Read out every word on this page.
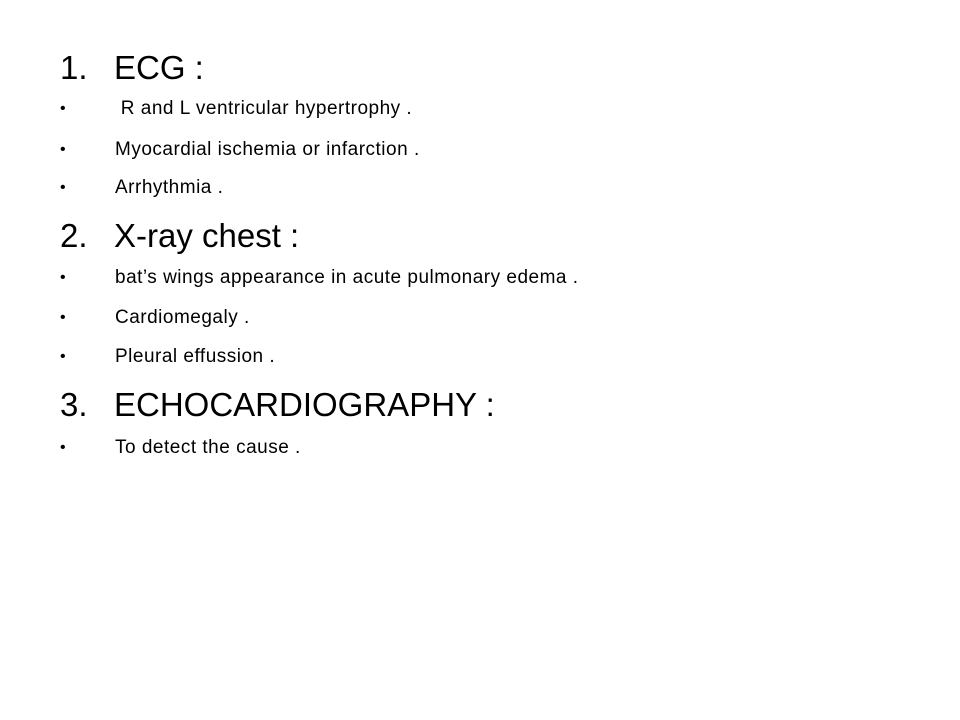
1. ECG :
•	R and L ventricular hypertrophy .
•	Myocardial ischemia or infarction .
•	Arrhythmia .
2. X-ray chest :
•	bat’s wings appearance in acute pulmonary edema .
•	Cardiomegaly .
•	Pleural effussion .
3. ECHOCARDIOGRAPHY :
•	To detect the cause .
